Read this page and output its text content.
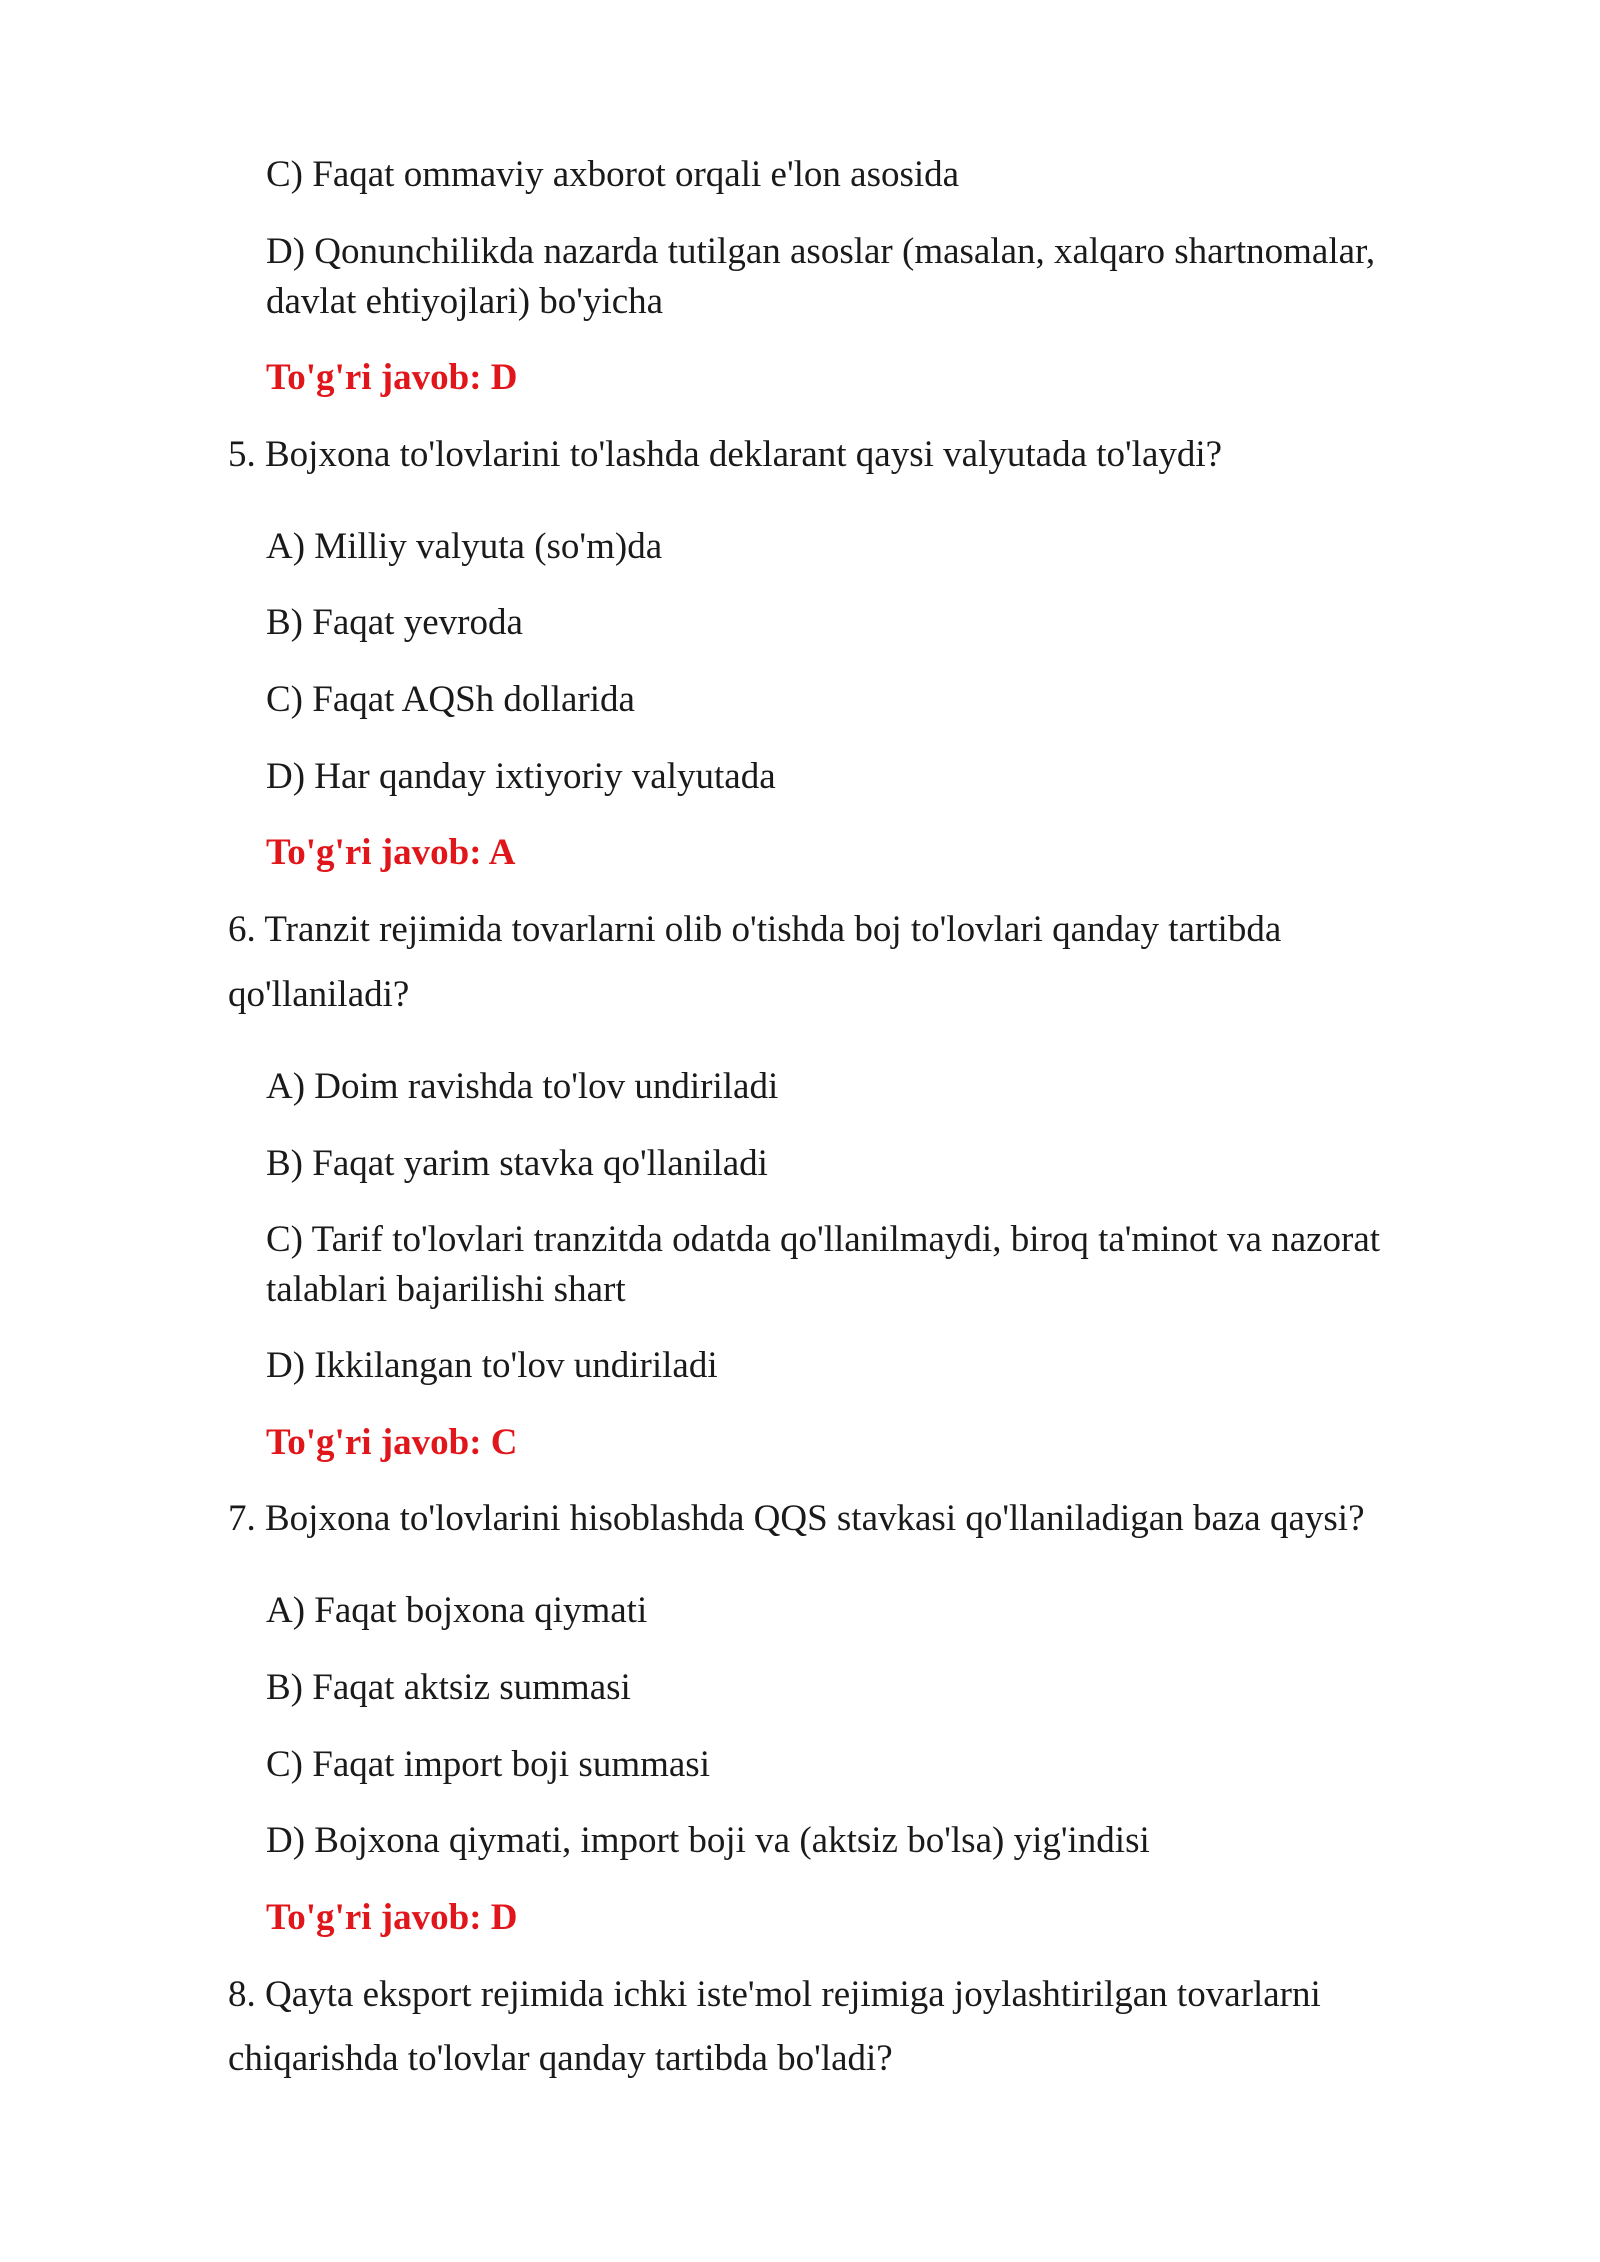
C) Faqat ommaviy axborot orqali e'lon asosida

D) Qonunchilikda nazarda tutilgan asoslar (masalan, xalqaro shartnomalar,

davlat ehtiyojlari) bo'yicha

To'g'ri javob: D

5. Bojxona to'lovlarini to'lashda deklarant qaysi valyutada to'laydi?

A) Milliy valyuta (so'm)da

B) Faqat yevroda

C) Faqat AQSh dollarida

D) Har qanday ixtiyoriy valyutada

To'g'ri javob: A

6. Tranzit rejimida tovarlarni olib o'tishda boj to'lovlari qanday tartibda

qo'llaniladi?

A) Doim ravishda to'lov undiriladi

B) Faqat yarim stavka qo'llaniladi

C) Tarif to'lovlari tranzitda odatda qo'llanilmaydi, biroq ta'minot va nazorat

talablari bajarilishi shart

D) Ikkilangan to'lov undiriladi

To'g'ri javob: C

7. Bojxona to'lovlarini hisoblashda QQS stavkasi qo'llaniladigan baza qaysi?

A) Faqat bojxona qiymati

B) Faqat aktsiz summasi

C) Faqat import boji summasi

D) Bojxona qiymati, import boji va (aktsiz bo'lsa) yig'indisi

To'g'ri javob: D

8. Qayta eksport rejimida ichki iste'mol rejimiga joylashtirilgan tovarlarni

chiqarishda to'lovlar qanday tartibda bo'ladi?
